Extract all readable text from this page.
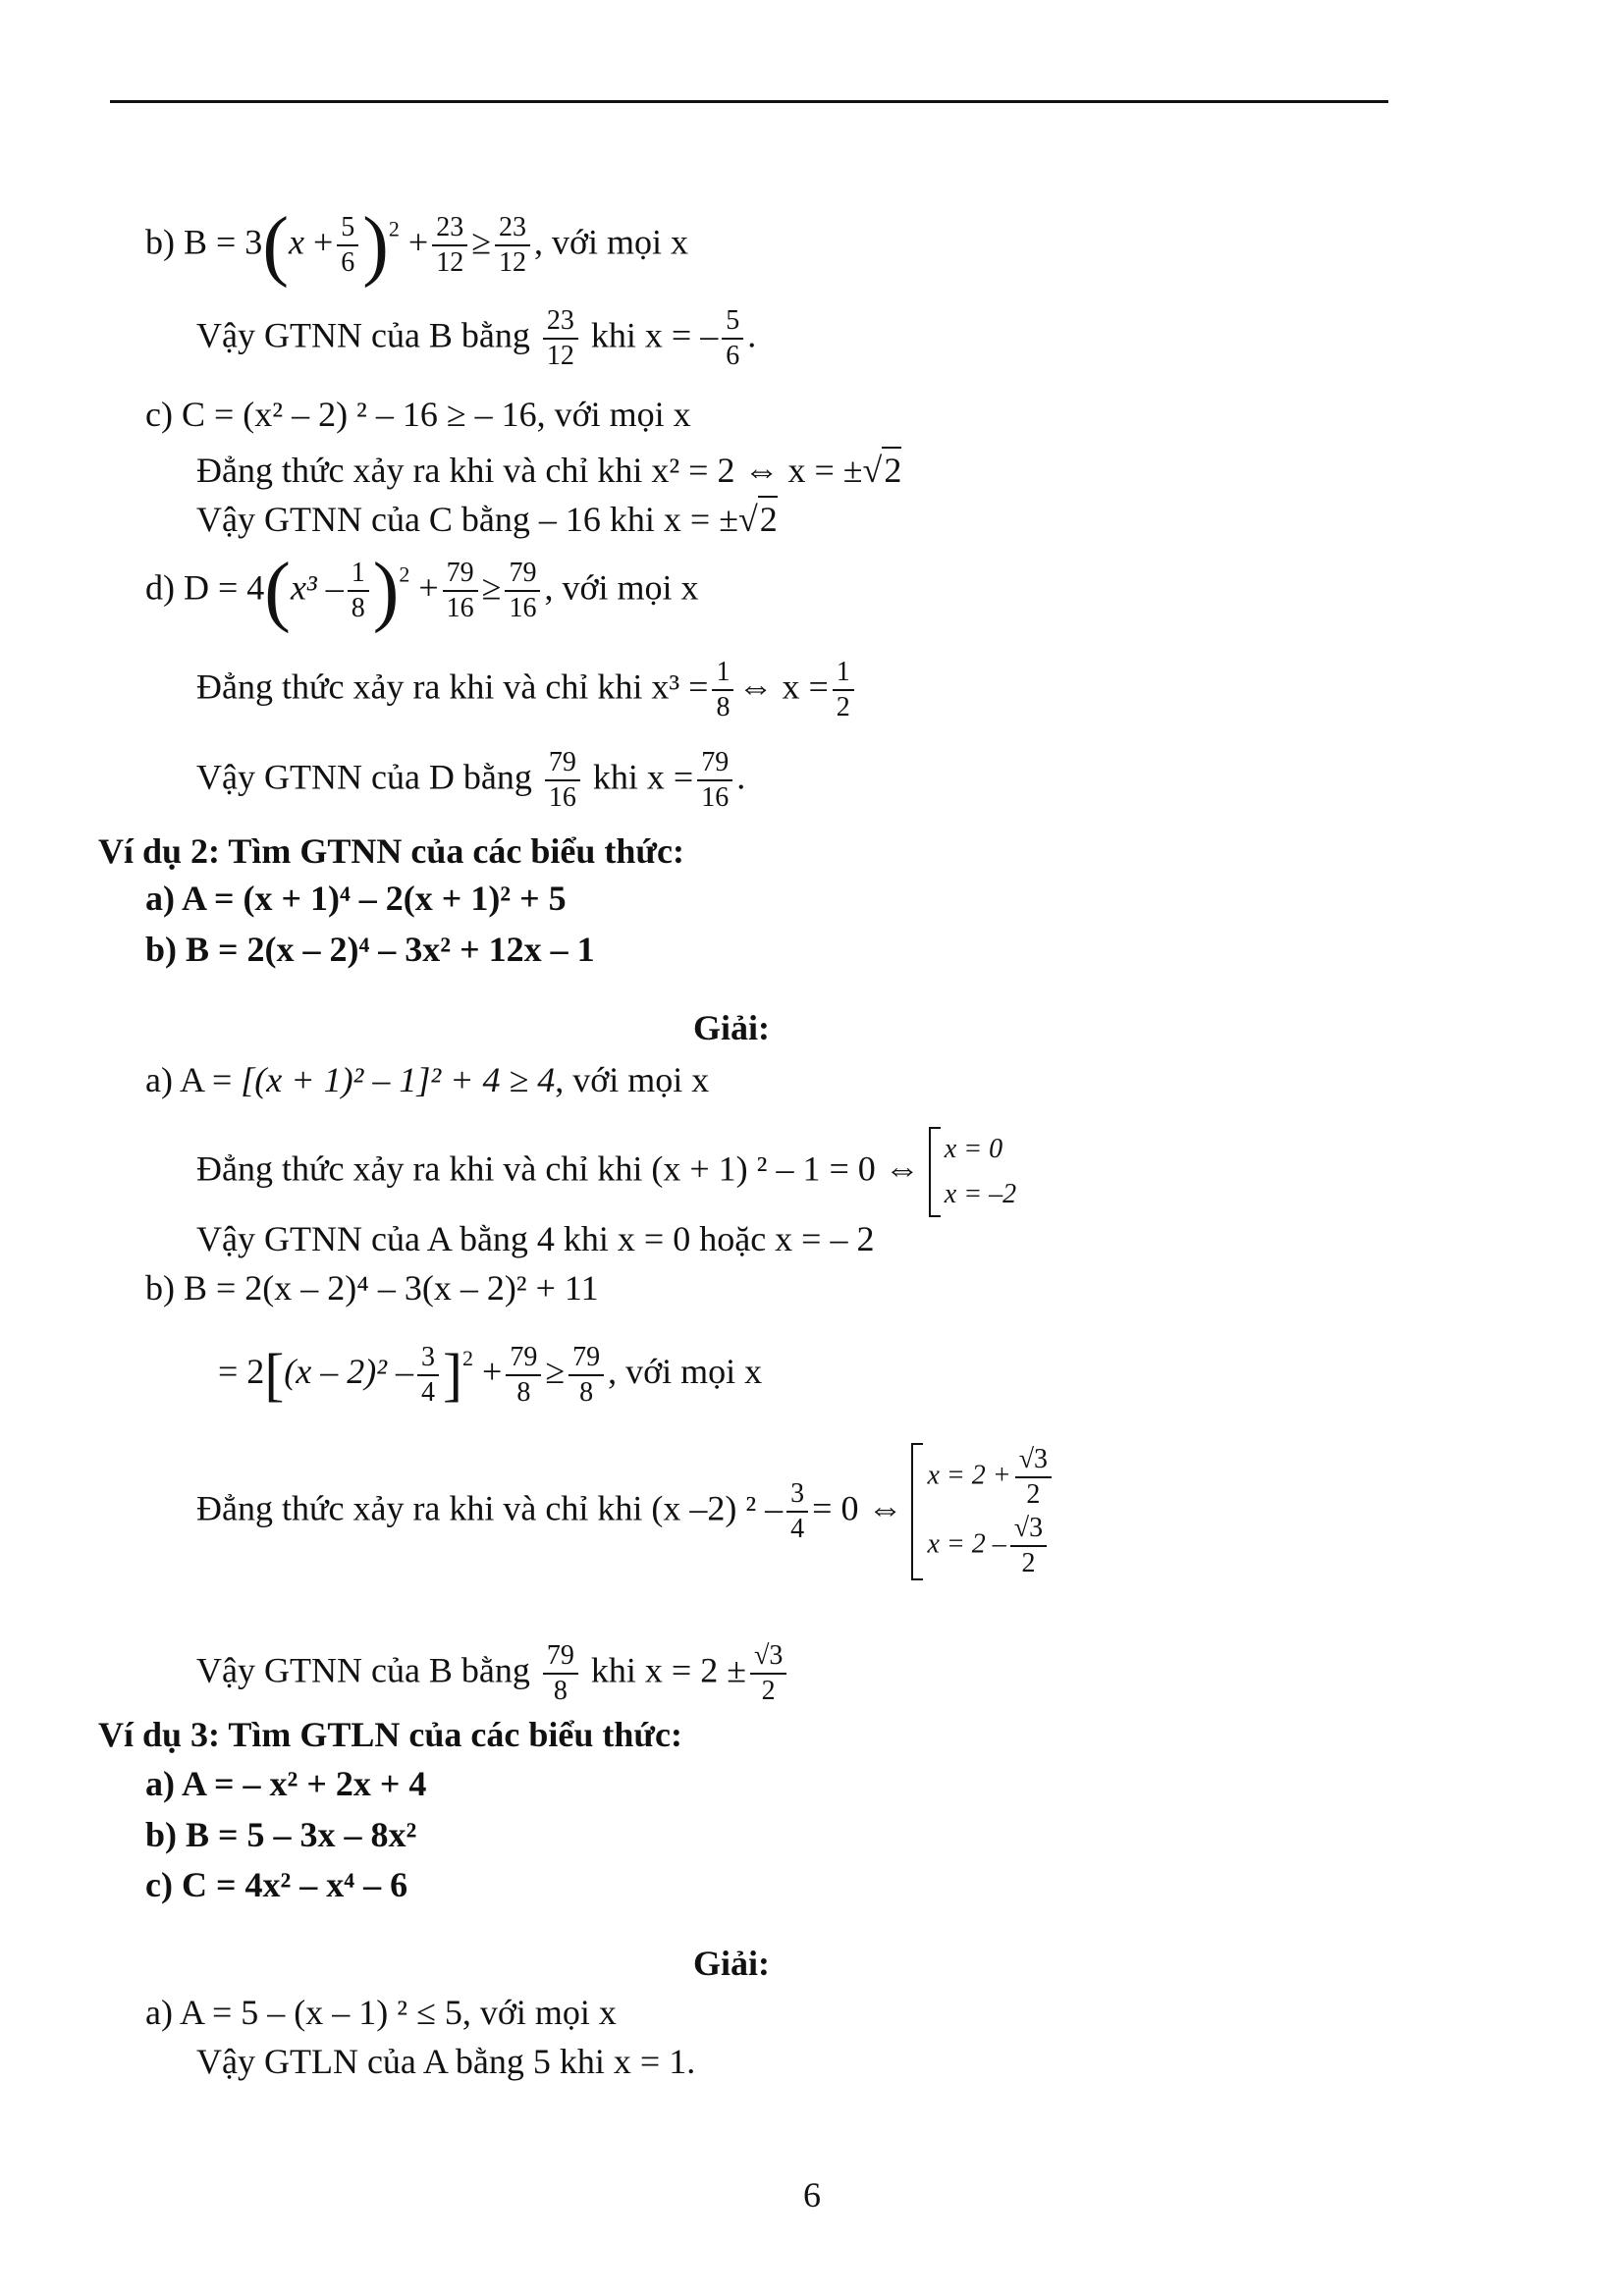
b) $B = 3(x + \frac{5}{6} )^2 + \frac{23}{12} \ge \frac{23}{12}$ , với mọi x
Vậy GTNN của B bằng $\frac{23}{12}$ khi x = – $\frac{5}{6}$ .
c) C = (x² – 2) ² – 16 ≥ – 16, với mọi x
Đẳng thức xảy ra khi và chỉ khi x² = 2 ⇔ x = ±√2
Vậy GTNN của C bằng – 16 khi x = ±√2
d) $D = 4(x^3 - \frac{1}{8} )^2 + \frac{79}{16} \ge \frac{79}{16}$ , với mọi x
Đẳng thức xảy ra khi và chỉ khi $x^3 = \frac{1}{8}$ ⇔ $x = \frac{1}{2}$
Vậy GTNN của D bằng $\frac{79}{16}$ khi $x = \frac{79}{16}$ .
Ví dụ 2: Tìm GTNN của các biểu thức:
a) A = (x + 1)⁴ – 2(x + 1)² + 5
b) B = 2(x – 2)⁴ – 3x² + 12x – 1
Giải:
a) A = [(x + 1)² – 1]² + 4 ≥ 4, với mọi x
Đẳng thức xảy ra khi và chỉ khi (x + 1) ² – 1 = 0 ⇔ x = 0
x = –2
Vậy GTNN của A bằng 4 khi x = 0 hoặc x = – 2
b) B = 2(x – 2)⁴ – 3(x – 2)² + 11
= $2[(x - 2)^2 - \frac{3}{4} ]^2 + \frac{79}{8} \ge \frac{79}{8}$ , với mọi x
Đẳng thức xảy ra khi và chỉ khi (x –2) $^2 - \frac{3}{4} = 0$ ⇔
$x = 2 + \frac{√3}{2}$
$x = 2 - \frac{√3}{2}$
Vậy GTNN của B bằng $\frac{79}{8}$ khi $x = 2 \pm \frac{√3}{2}$
Ví dụ 3: Tìm GTLN của các biểu thức:
a) A = – x² + 2x + 4
b) B = 5 – 3x – 8x²
c) C = 4x² – x⁴ – 6
Giải:
a) A = 5 – (x – 1) ² ≤ 5, với mọi x
Vậy GTLN của A bằng 5 khi x = 1.
6
